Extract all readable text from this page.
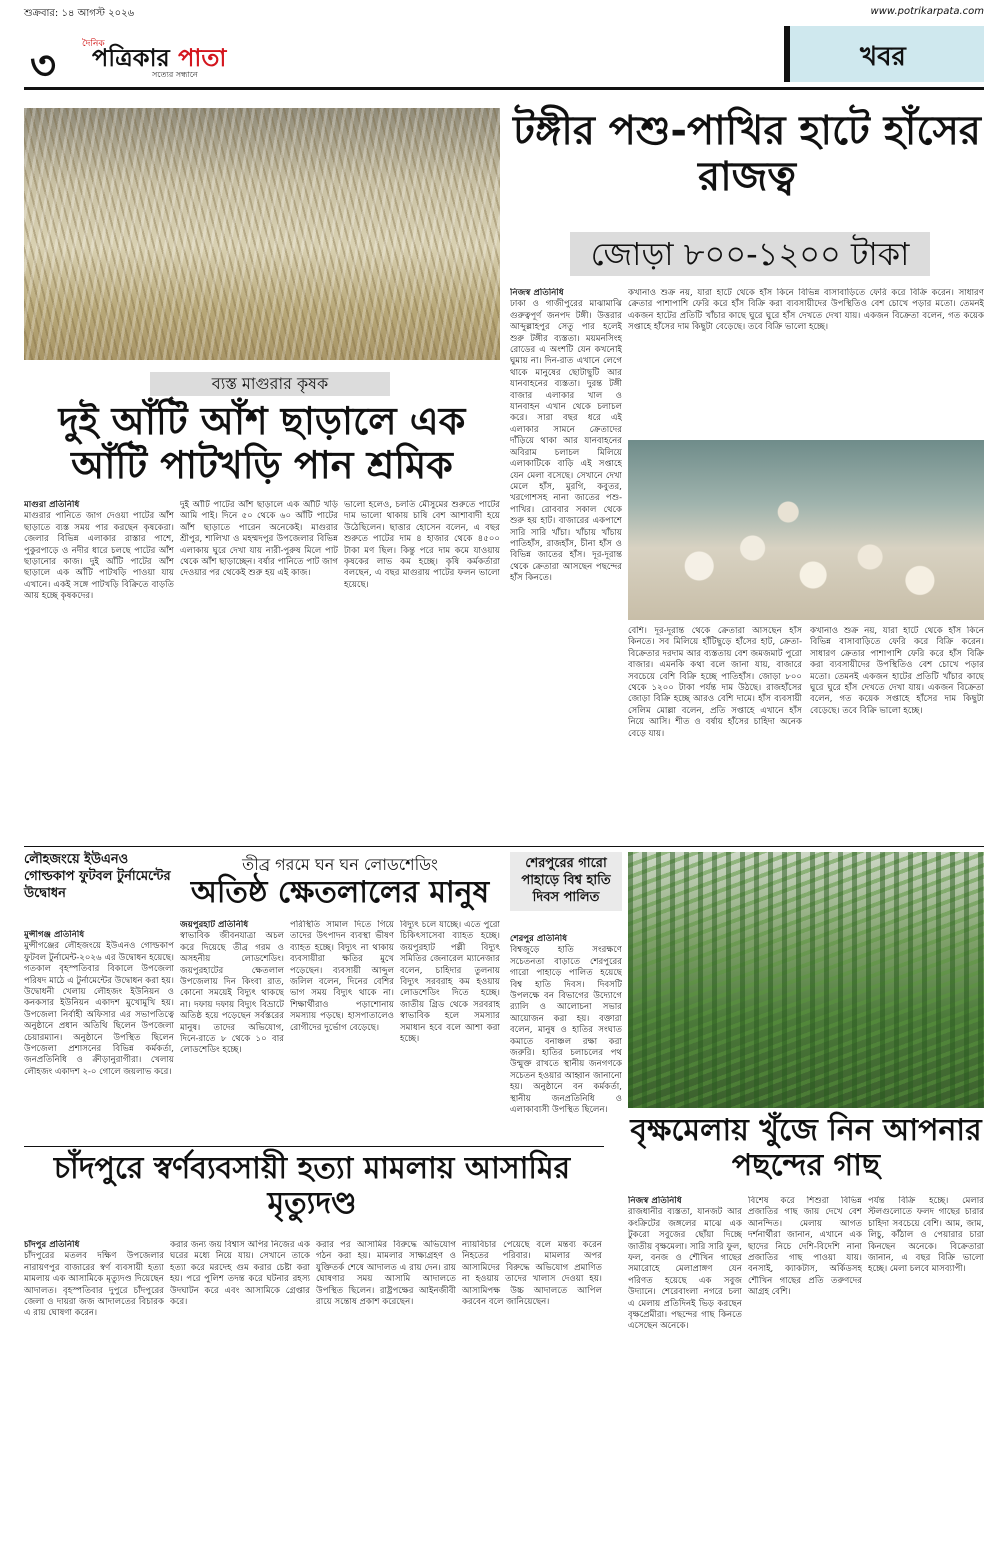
শুক্রবার: ১৪ আগস্ট ২০২৬	www.potrikarpata.com
৩	দৈনিক
পত্রিকার পাতা
সত্যের সন্ধানে
খবর
টঙ্গীর পশু-পাখির হাটে হাঁসের রাজত্ব
জোড়া ৮০০-১২০০ টাকা
নিজস্ব প্রতিনিধি
ঢাকা ও গাজীপুরের মাঝামাঝি গুরুত্বপূর্ণ জনপদ টঙ্গী। উত্তরার আব্দুল্লাহপুর সেতু পার হলেই শুরু টঙ্গীর ব্যস্ততা। ময়মনসিংহ রোডের এ অংশটি যেন কখনোই ঘুমায় না। দিন-রাত এখানে লেগে থাকে মানুষের ছোটাছুটি আর যানবাহনের ব্যস্ততা। দুরন্ত টঙ্গী বাজার এলাকার খাল ও যানবাহন এখান থেকে চলাচল করে। সারা বছর ধরে এই এলাকার সামনে ক্রেতাদের দাঁড়িয়ে থাকা আর যানবাহনের অবিরাম চলাচল মিলিয়ে এলাকাটিকে বাড়ি এই সপ্তাহে যেন মেলা বসেছে। সেখানে দেখা মেলে হাঁস, মুরগি, কবুতর, খরগোশসহ নানা জাতের পশু-পাখির। রোববার সকাল থেকে শুরু হয় হাট। বাজারের একপাশে সারি সারি খাঁচা। খাঁচায় খাঁচায় পাতিহাঁস, রাজহাঁস, চীনা হাঁস ও বিভিন্ন জাতের হাঁস। দূর-দূরান্ত থেকে ক্রেতারা আসছেন পছন্দের হাঁস কিনতে।
কখানাও শুক্র নয়, যারা হাটে থেকে হাঁস কিনে বিভিন্ন বাসাবাড়িতে ফেরি করে বিক্রি করেন। সাধারণ ক্রেতার পাশাপাশি ফেরি করে হাঁস বিক্রি করা ব্যবসায়ীদের উপস্থিতিও বেশ চোখে পড়ার মতো। তেমনই একজন হাটের প্রতিটি খাঁচার কাছে ঘুরে ঘুরে হাঁস দেখতে দেখা যায়। একজন বিক্রেতা বলেন, গত কয়েক সপ্তাহে হাঁসের দাম কিছুটা বেড়েছে। তবে বিক্রি ভালো হচ্ছে।
বেশি। দূর-দূরান্ত থেকে ক্রেতারা আসছেন হাঁস কিনতে। সব মিলিয়ে হাঁটিছুড়ে হাঁসের হাট, ক্রেতা-বিক্রেতার দরদাম আর ব্যস্ততায় বেশ জমজমাট পুরো বাজার। এমনকি কথা বলে জানা যায়, বাজারে সবচেয়ে বেশি বিক্রি হচ্ছে পাতিহাঁস। জোড়া ৮০০ থেকে ১২০০ টাকা পর্যন্ত দাম উঠছে। রাজহাঁসের জোড়া বিক্রি হচ্ছে আরও বেশি দামে। হাঁস ব্যবসায়ী সেলিম মোল্লা বলেন, প্রতি সপ্তাহে এখানে হাঁস নিয়ে আসি। শীত ও বর্ষায় হাঁসের চাহিদা অনেক বেড়ে যায়।
কখানাও শুক্র নয়, যারা হাটে থেকে হাঁস কিনে বিভিন্ন বাসাবাড়িতে ফেরি করে বিক্রি করেন। সাধারণ ক্রেতার পাশাপাশি ফেরি করে হাঁস বিক্রি করা ব্যবসায়ীদের উপস্থিতিও বেশ চোখে পড়ার মতো। তেমনই একজন হাটের প্রতিটি খাঁচার কাছে ঘুরে ঘুরে হাঁস দেখতে দেখা যায়। একজন বিক্রেতা বলেন, গত কয়েক সপ্তাহে হাঁসের দাম কিছুটা বেড়েছে। তবে বিক্রি ভালো হচ্ছে।
ব্যস্ত মাগুরার কৃষক
দুই আঁটি আঁশ ছাড়ালে এক আঁটি পাটখড়ি পান শ্রমিক
মাগুরা প্রতিনিধি
মাগুরার পানিতে জাগ দেওয়া পাটের আঁশ ছাড়াতে ব্যস্ত সময় পার করছেন কৃষকেরা। জেলার বিভিন্ন এলাকার রাস্তার পাশে, পুকুরপাড়ে ও নদীর ধারে চলছে পাটের আঁশ ছাড়ানোর কাজ। দুই আঁটি পাটের আঁশ ছাড়ালে এক আঁটি পাটখড়ি পাওয়া যায় এখানে। একই সঙ্গে পাটখড়ি বিক্রিতে বাড়তি আয় হচ্ছে কৃষকদের।
দুই আঁটি পাটের আঁশ ছাড়ালে এক আঁটি খড়ি আমি পাই। দিনে ৫০ থেকে ৬০ আঁটি পাটের আঁশ ছাড়াতে পারেন অনেকেই। মাগুরার শ্রীপুর, শালিখা ও মহম্মদপুর উপজেলার বিভিন্ন এলাকায় ঘুরে দেখা যায় নারী-পুরুষ মিলে পাট থেকে আঁশ ছাড়াচ্ছেন। বর্ষার পানিতে পাট জাগ দেওয়ার পর থেকেই শুরু হয় এই কাজ।
ভালো হলেও, চলতি মৌসুমের শুরুতে পাটের দাম ভালো থাকায় চাষি বেশ আশাবাদী হয়ে উঠেছিলেন। ছাত্তার হোসেন বলেন, এ বছর শুরুতে পাটের দাম ৪ হাজার থেকে ৪৫০০ টাকা মণ ছিল। কিন্তু পরে দাম কমে যাওয়ায় কৃষকের লাভ কম হচ্ছে। কৃষি কর্মকর্তারা বলছেন, এ বছর মাগুরায় পাটের ফলন ভালো হয়েছে।
লৌহজংয়ে ইউএনও গোল্ডকাপ ফুটবল টুর্নামেন্টের উদ্বোধন
মুন্সীগঞ্জ প্রতিনিধি
মুন্সীগঞ্জের লৌহজংয়ে ইউএনও গোল্ডকাপ ফুটবল টুর্নামেন্ট-২০২৬ এর উদ্বোধন হয়েছে। গতকাল বৃহস্পতিবার বিকালে উপজেলা পরিষদ মাঠে এ টুর্নামেন্টের উদ্বোধন করা হয়। উদ্বোধনী খেলায় লৌহজং ইউনিয়ন ও কনকসার ইউনিয়ন একাদশ মুখোমুখি হয়। উপজেলা নির্বাহী অফিসার এর সভাপতিত্বে অনুষ্ঠানে প্রধান অতিথি ছিলেন উপজেলা চেয়ারম্যান। অনুষ্ঠানে উপস্থিত ছিলেন উপজেলা প্রশাসনের বিভিন্ন কর্মকর্তা, জনপ্রতিনিধি ও ক্রীড়ানুরাগীরা। খেলায় লৌহজং একাদশ ২-০ গোলে জয়লাভ করে।
তীব্র গরমে ঘন ঘন লোডশেডিং
অতিষ্ঠ ক্ষেতলালের মানুষ
জয়পুরহাট প্রতিনিধি
স্বাভাবিক জীবনযাত্রা অচল করে দিয়েছে তীব্র গরম ও অসহনীয় লোডশেডিং। জয়পুরহাটের ক্ষেতলাল উপজেলায় দিন কিংবা রাত, কোনো সময়েই বিদ্যুৎ থাকছে না। দফায় দফায় বিদ্যুৎ বিভ্রাটে অতিষ্ঠ হয়ে পড়েছেন সর্বস্তরের মানুষ। তাদের অভিযোগ, দিনে-রাতে ৮ থেকে ১০ বার লোডশেডিং হচ্ছে।
পরিস্থিতি সামাল দিতে গিয়ে তাদের উৎপাদন ব্যবস্থা ভীষণ ব্যাহত হচ্ছে। বিদ্যুৎ না থাকায় ব্যবসায়ীরা ক্ষতির মুখে পড়েছেন। ব্যবসায়ী আব্দুল জলিল বলেন, দিনের বেশির ভাগ সময় বিদ্যুৎ থাকে না। শিক্ষার্থীরাও পড়াশোনায় সমস্যায় পড়ছে। হাসপাতালেও রোগীদের দুর্ভোগ বেড়েছে।
বিদ্যুৎ চলে যাচ্ছে। এতে পুরো চিকিৎসাসেবা ব্যাহত হচ্ছে। জয়পুরহাট পল্লী বিদ্যুৎ সমিতির জেনারেল ম্যানেজার বলেন, চাহিদার তুলনায় বিদ্যুৎ সরবরাহ কম হওয়ায় লোডশেডিং দিতে হচ্ছে। জাতীয় গ্রিড থেকে সরবরাহ স্বাভাবিক হলে সমস্যার সমাধান হবে বলে আশা করা হচ্ছে।
শেরপুরের গারো পাহাড়ে বিশ্ব হাতি দিবস পালিত
শেরপুর প্রতিনিধি
বিশ্বজুড়ে হাতি সংরক্ষণে সচেতনতা বাড়াতে শেরপুরের গারো পাহাড়ে পালিত হয়েছে বিশ্ব হাতি দিবস। দিবসটি উপলক্ষে বন বিভাগের উদ্যোগে র‍্যালি ও আলোচনা সভার আয়োজন করা হয়। বক্তারা বলেন, মানুষ ও হাতির সংঘাত কমাতে বনাঞ্চল রক্ষা করা জরুরি। হাতির চলাচলের পথ উন্মুক্ত রাখতে স্থানীয় জনগণকে সচেতন হওয়ার আহ্বান জানানো হয়। অনুষ্ঠানে বন কর্মকর্তা, স্থানীয় জনপ্রতিনিধি ও এলাকাবাসী উপস্থিত ছিলেন।
বৃক্ষমেলায় খুঁজে নিন আপনার পছন্দের গাছ
নিজস্ব প্রতিনিধি
রাজধানীর ব্যস্ততা, যানজট আর কংক্রিটের জঙ্গলের মাঝে এক টুকরো সবুজের ছোঁয়া দিচ্ছে জাতীয় বৃক্ষমেলা। সারি সারি ফুল, ফল, বনজ ও শৌখিন গাছের সমারোহে মেলাপ্রাঙ্গণ যেন পরিণত হয়েছে এক সবুজ উদ্যানে। শেরেবাংলা নগরে চলা এ মেলায় প্রতিদিনই ভিড় করছেন বৃক্ষপ্রেমীরা। পছন্দের গাছ কিনতে এসেছেন অনেকে।
বিশেষ করে শিশুরা বিভিন্ন প্রজাতির গাছ জায় দেখে বেশ আনন্দিত। মেলায় আগত দর্শনার্থীরা জানান, এখানে এক ছাদের নিচে দেশি-বিদেশি নানা প্রজাতির গাছ পাওয়া যায়। বনসাই, ক্যাকটাস, অর্কিডসহ শৌখিন গাছের প্রতি তরুণদের আগ্রহ বেশি।
পর্যন্ত বিক্রি হচ্ছে। মেলার স্টলগুলোতে ফলদ গাছের চারার চাহিদা সবচেয়ে বেশি। আম, জাম, লিচু, কাঁঠাল ও পেয়ারার চারা কিনছেন অনেকে। বিক্রেতারা জানান, এ বছর বিক্রি ভালো হচ্ছে। মেলা চলবে মাসব্যাপী।
চাঁদপুরে স্বর্ণব্যবসায়ী হত্যা মামলায় আসামির মৃত্যুদণ্ড
চাঁদপুর প্রতিনিধি
চাঁদপুরের মতলব দক্ষিণ উপজেলার নারায়ণপুর বাজারের স্বর্ণ ব্যবসায়ী হত্যা মামলায় এক আসামিকে মৃত্যুদণ্ড দিয়েছেন আদালত। বৃহস্পতিবার দুপুরে চাঁদপুরের জেলা ও দায়রা জজ আদালতের বিচারক এ রায় ঘোষণা করেন।
করার জন্য জয় বিশ্বাস অপির নিজের এক ঘরের মধ্যে নিয়ে যায়। সেখানে তাকে হত্যা করে মরদেহ গুম করার চেষ্টা করা হয়। পরে পুলিশ তদন্ত করে ঘটনার রহস্য উদঘাটন করে এবং আসামিকে গ্রেপ্তার করে।
করার পর আসামির বিরুদ্ধে অভিযোগ গঠন করা হয়। মামলার সাক্ষ্যগ্রহণ ও যুক্তিতর্ক শেষে আদালত এ রায় দেন। রায় ঘোষণার সময় আসামি আদালতে উপস্থিত ছিলেন। রাষ্ট্রপক্ষের আইনজীবী রায়ে সন্তোষ প্রকাশ করেছেন।
ন্যায়বিচার পেয়েছে বলে মন্তব্য করেন নিহতের পরিবার। মামলার অপর আসামিদের বিরুদ্ধে অভিযোগ প্রমাণিত না হওয়ায় তাদের খালাস দেওয়া হয়। আসামিপক্ষ উচ্চ আদালতে আপিল করবেন বলে জানিয়েছেন।
